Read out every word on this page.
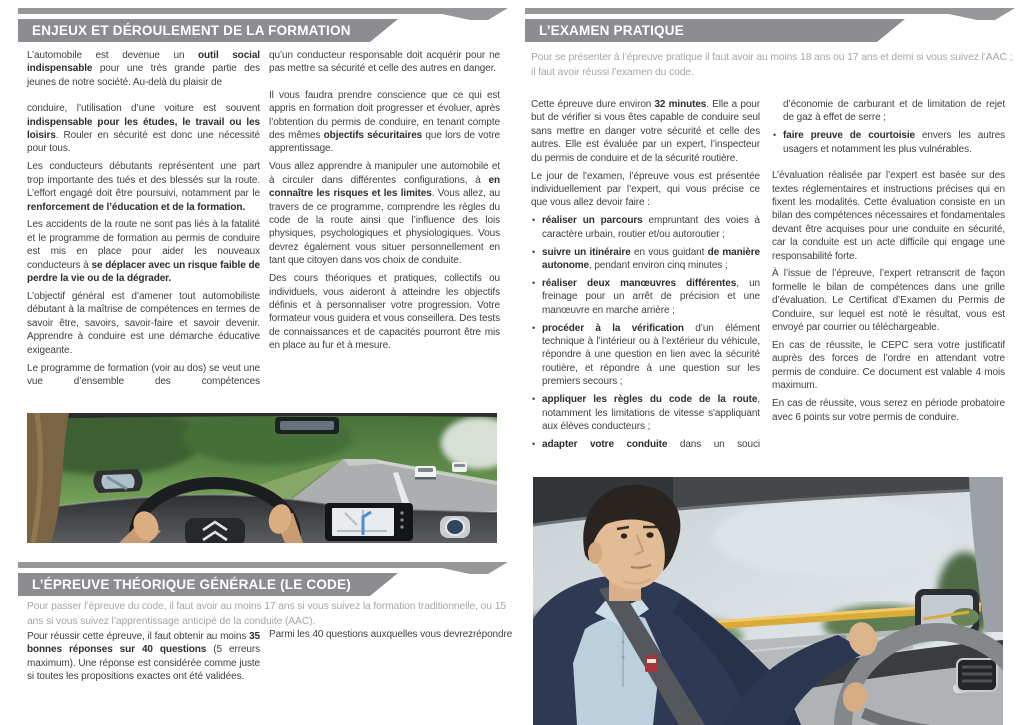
ENJEUX ET DÉROULEMENT DE LA FORMATION
L’automobile est devenue un outil social indispensable pour une très grande partie des jeunes de notre société. Au-delà du plaisir de
conduire, l’utilisation d’une voiture est souvent indispensable pour les études, le travail ou les loisirs. Rouler en sécurité est donc une nécessité pour tous.
Les conducteurs débutants représentent une part trop importante des tués et des blessés sur la route. L’effort engagé doit être poursuivi, notamment par le renforcement de l’éducation et de la formation.
Les accidents de la route ne sont pas liés à la fatalité et le programme de formation au permis de conduire est mis en place pour aider les nouveaux conducteurs à se déplacer avec un risque faible de perdre la vie ou de la dégrader.
L’objectif général est d’amener tout automobiliste débutant à la maîtrise de compétences en termes de savoir être, savoirs, savoir-faire et savoir devenir. Apprendre à conduire est une démarche éducative exigeante.
Le programme de formation (voir au dos) se veut une vue d’ensemble des compétences
qu’un conducteur responsable doit acquérir pour ne pas mettre sa sécurité et celle des autres en danger.
Il vous faudra prendre conscience que ce qui est appris en formation doit progresser et évoluer, après l’obtention du permis de conduire, en tenant compte des mêmes objectifs sécuritaires que lors de votre apprentissage.
Vous allez apprendre à manipuler une automobile et à circuler dans différentes configurations, à en connaître les risques et les limites. Vous allez, au travers de ce programme, comprendre les règles du code de la route ainsi que l’influence des lois physiques, psychologiques et physiologiques. Vous devrez également vous situer personnellement en tant que citoyen dans vos choix de conduite.
Des cours théoriques et pratiques, collectifs ou individuels, vous aideront à atteindre les objectifs définis et à personnaliser votre progression. Votre formateur vous guidera et vous conseillera. Des tests de connaissances et de capacités pourront être mis en place au fur et à mesure.
L’ÉPREUVE THÉORIQUE GÉNÉRALE (LE CODE)
Pour passer l’épreuve du code, il faut avoir au moins 17 ans si vous suivez la formation traditionnelle, ou 15 ans si vous suivez l’apprentissage anticipé de la conduite (AAC).
Pour réussir cette épreuve, il faut obtenir au moins 35 bonnes réponses sur 40 questions (5 erreurs maximum). Une réponse est considérée comme juste si toutes les propositions exactes ont été validées.
Parmi les 40 questions auxquelles vous devrezrépondre
L’EXAMEN PRATIQUE
Pour se présenter à l’épreuve pratique il faut avoir au moins 18 ans ou 17 ans et demi si vous suivez l’AAC ; il faut avoir réussi l’examen du code.
Cette épreuve dure environ 32 minutes. Elle a pour but de vérifier si vous êtes capable de conduire seul sans mettre en danger votre sécurité et celle des autres. Elle est évaluée par un expert, l’inspecteur du permis de conduire et de la sécurité routière.
Le jour de l’examen, l’épreuve vous est présentée individuellement par l’expert, qui vous précise ce que vous allez devoir faire :
• réaliser un parcours empruntant des voies à caractère urbain, routier et/ou autoroutier ;
• suivre un itinéraire en vous guidant de manière autonome, pendant environ cinq minutes ;
• réaliser deux manœuvres différentes, un freinage pour un arrêt de précision et une manœuvre en marche arrière ;
• procéder à la vérification d’un élément technique à l’intérieur ou à l’extérieur du véhicule, répondre à une question en lien avec la sécurité routière, et répondre à une question sur les premiers secours ;
• appliquer les règles du code de la route, notamment les limitations de vitesse s'appliquant aux élèves conducteurs ;
• adapter votre conduite dans un souci
d’économie de carburant et de limitation de rejet de gaz à effet de serre ;
• faire preuve de courtoisie envers les autres usagers et notamment les plus vulnérables.
L’évaluation réalisée par l’expert est basée sur des textes réglementaires et instructions précises qui en fixent les modalités. Cette évaluation consiste en un bilan des compétences nécessaires et fondamentales devant être acquises pour une conduite en sécurité, car la conduite est un acte difficile qui engage une responsabilité forte.
À l’issue de l’épreuve, l’expert retranscrit de façon formelle le bilan de compétences dans une grille d’évaluation. Le Certificat d’Examen du Permis de Conduire, sur lequel est noté le résultat, vous est envoyé par courrier ou téléchargeable.
En cas de réussite, le CEPC sera votre justificatif auprès des forces de l’ordre en attendant votre permis de conduire. Ce document est valable 4 mois maximum.
En cas de réussite, vous serez en période probatoire avec 6 points sur votre permis de conduire.
